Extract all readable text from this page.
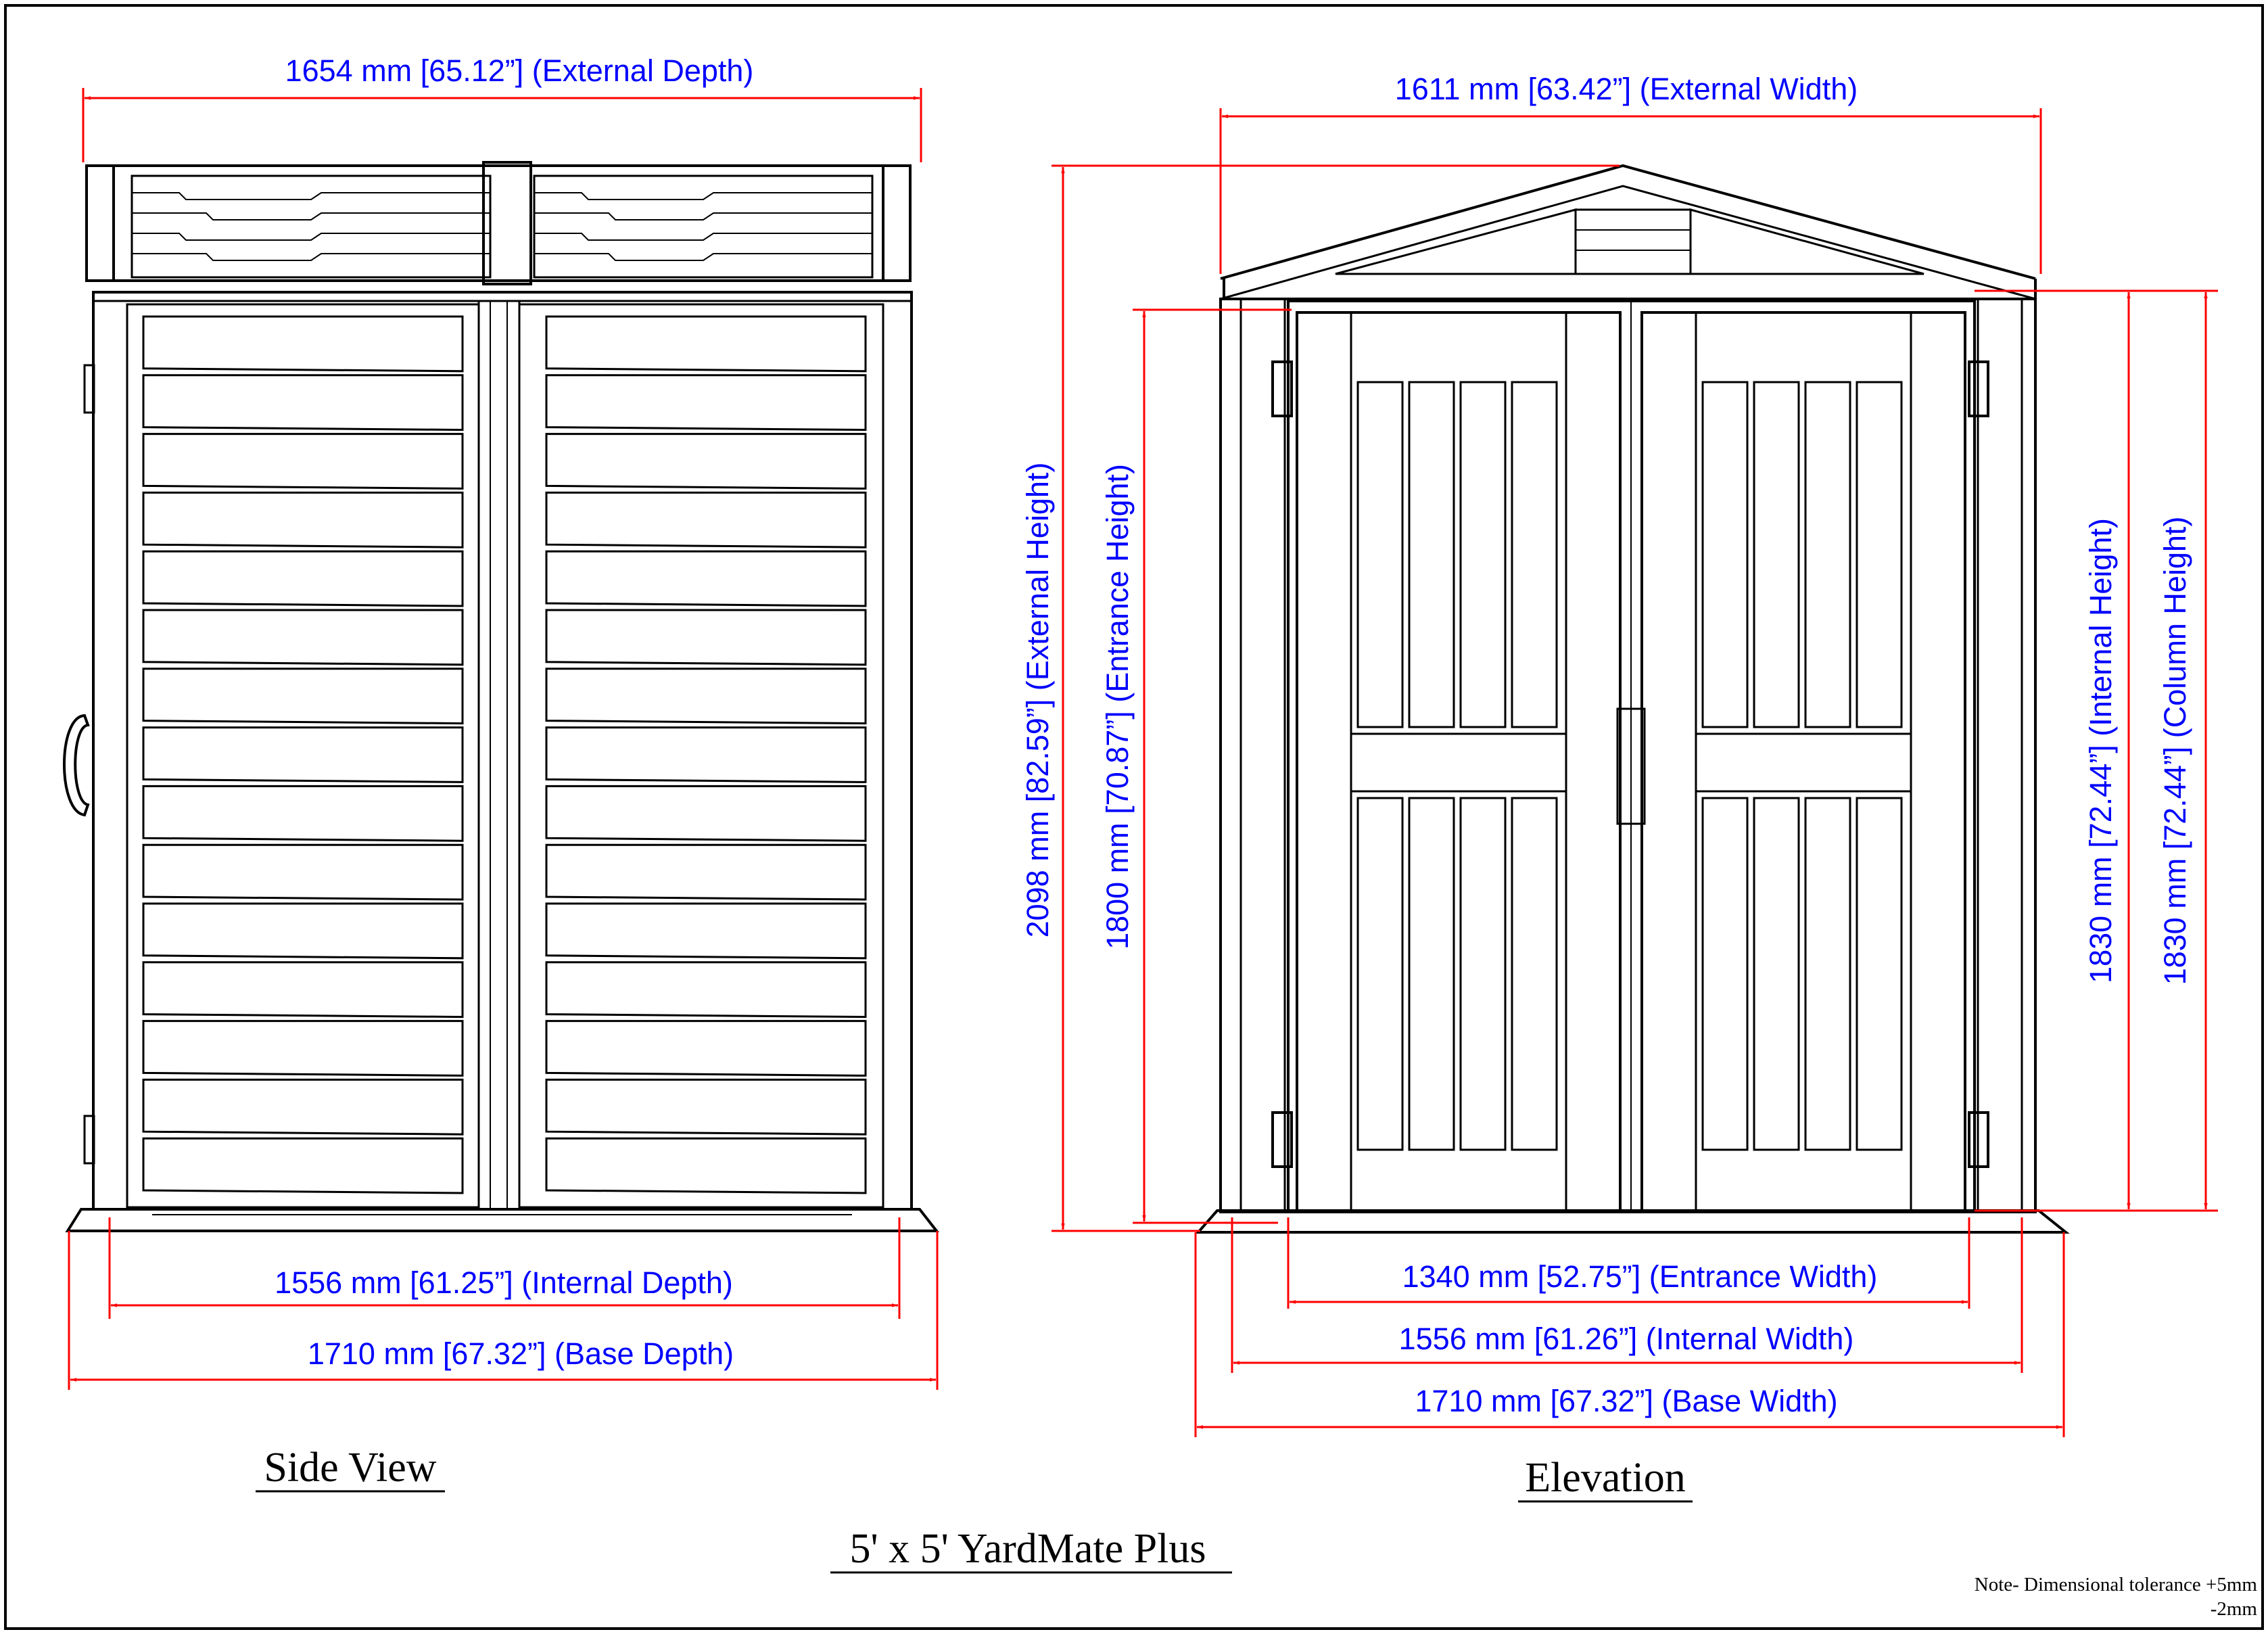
1654 mm [65.12”] (External Depth)
1556 mm [61.25”] (Internal Depth)
1710 mm [67.32”] (Base Depth)
Side View
1611 mm [63.42”] (External Width)
2098 mm [82.59”] (External Height) 1800 mm [70.87”] (Entrance Height)	1830 mm [72.44”] (Internal Height) 1830 mm [72.44”] (Column Height)
1340 mm [52.75”] (Entrance Width)
1556 mm [61.26”] (Internal Width)
1710 mm [67.32”] (Base Width)
Elevation
5' x 5' YardMate Plus
Note- Dimensional tolerance +5mm
-2mm
